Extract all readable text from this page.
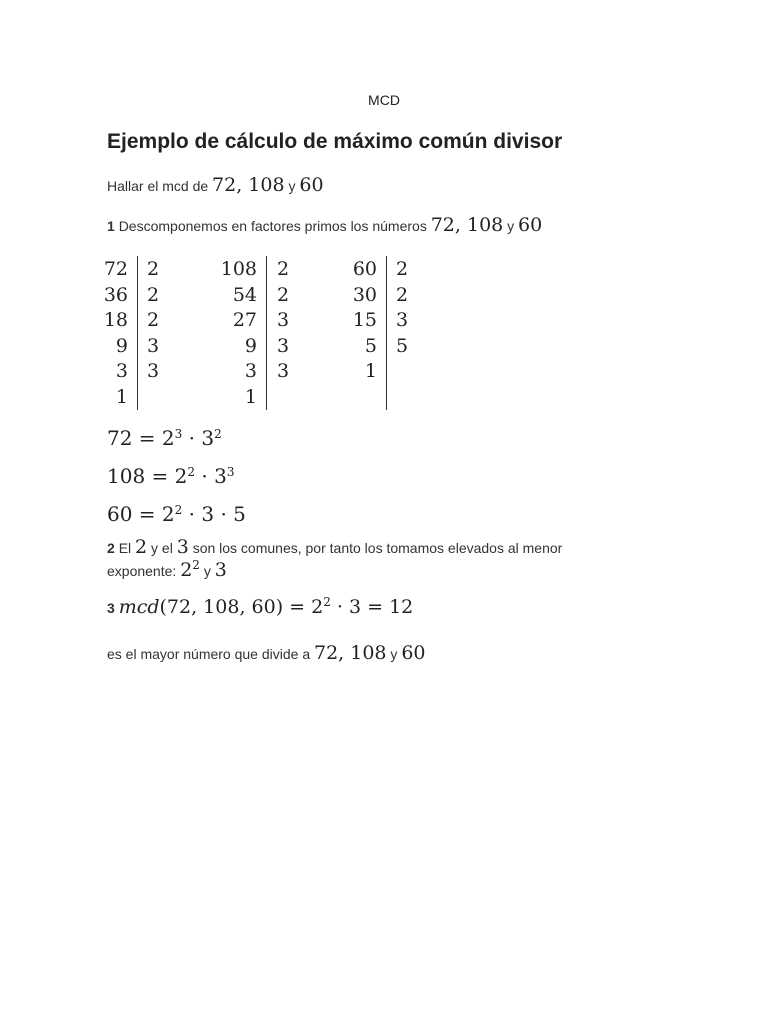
MCD
Ejemplo de cálculo de máximo común divisor
Hallar el mcd de 72, 108 y 60
1 Descomponemos en factores primos los números 72, 108 y 60
72
36
18
9
3
1
2
2
2
3
3
108
54
27
9
3
1
2
2
3
3
3
60
30
15
5
1
2
2
3
5
$72 = 2^3 \cdot 3^2$
$108 = 2^2 \cdot 3^3$
$60 = 2^2 \cdot 3 \cdot 5$
2 El 2 y el 3 son los comunes, por tanto los tomamos elevados al menor
exponente: $2^2$ y 3
3 mcd(72, 108, $60) = 2^2 \cdot 3 = 12$
es el mayor número que divide a 72, 108 y 60
